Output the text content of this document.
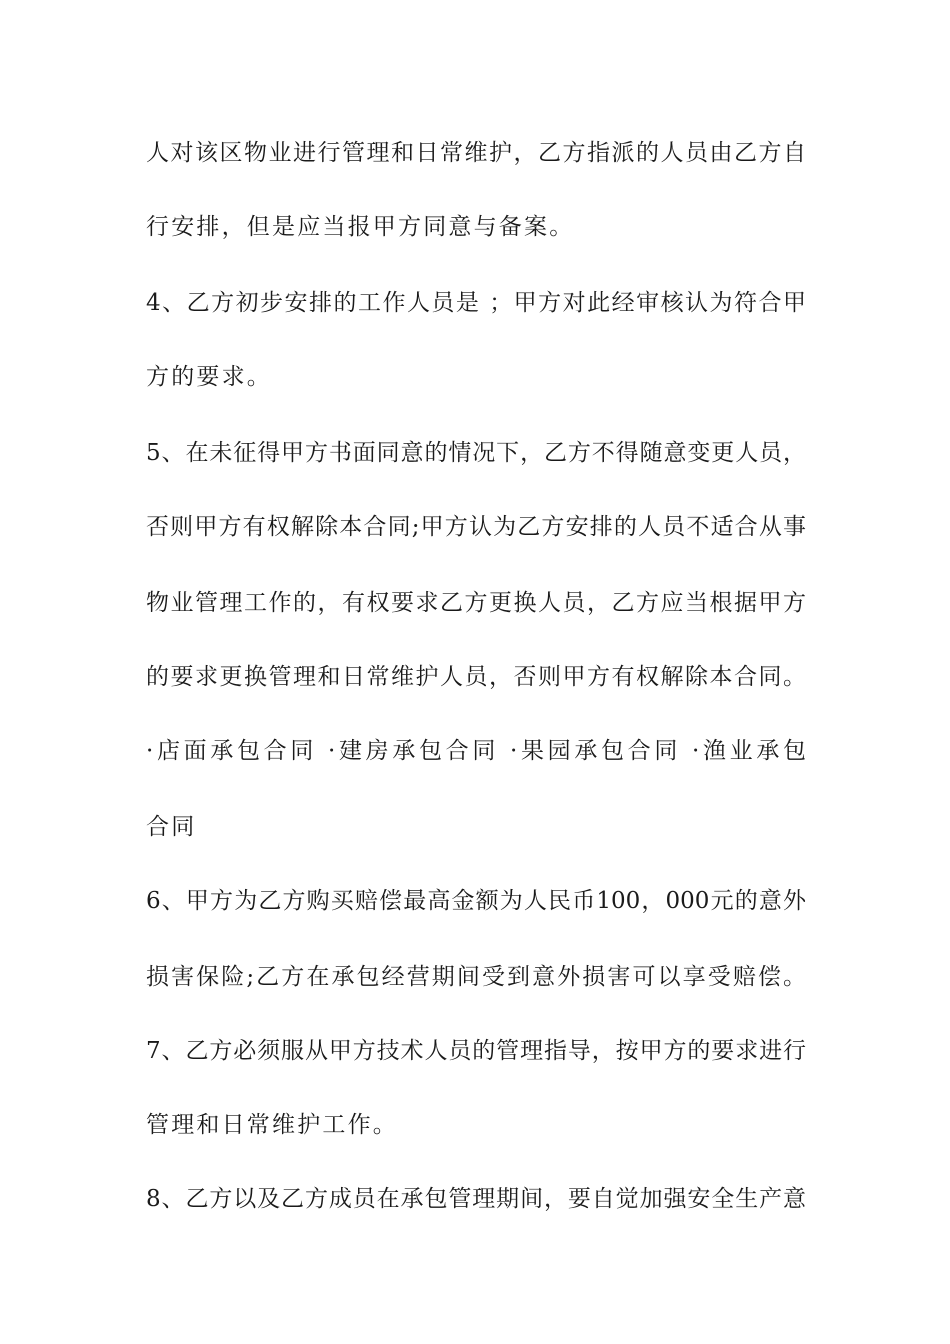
人对该区物业进行管理和日常维护，乙方指派的人员由乙方自
行安排，但是应当报甲方同意与备案。
4、乙方初步安排的工作人员是 ；甲方对此经审核认为符合甲
方的要求。
5、在未征得甲方书面同意的情况下，乙方不得随意变更人员，
否则甲方有权解除本合同;甲方认为乙方安排的人员不适合从事
物业管理工作的，有权要求乙方更换人员，乙方应当根据甲方
的要求更换管理和日常维护人员，否则甲方有权解除本合同。
·店面承包合同 ·建房承包合同 ·果园承包合同 ·渔业承包
合同
6、甲方为乙方购买赔偿最高金额为人民币100，000元的意外
损害保险;乙方在承包经营期间受到意外损害可以享受赔偿。
7、乙方必须服从甲方技术人员的管理指导，按甲方的要求进行
管理和日常维护工作。
8、乙方以及乙方成员在承包管理期间，要自觉加强安全生产意
